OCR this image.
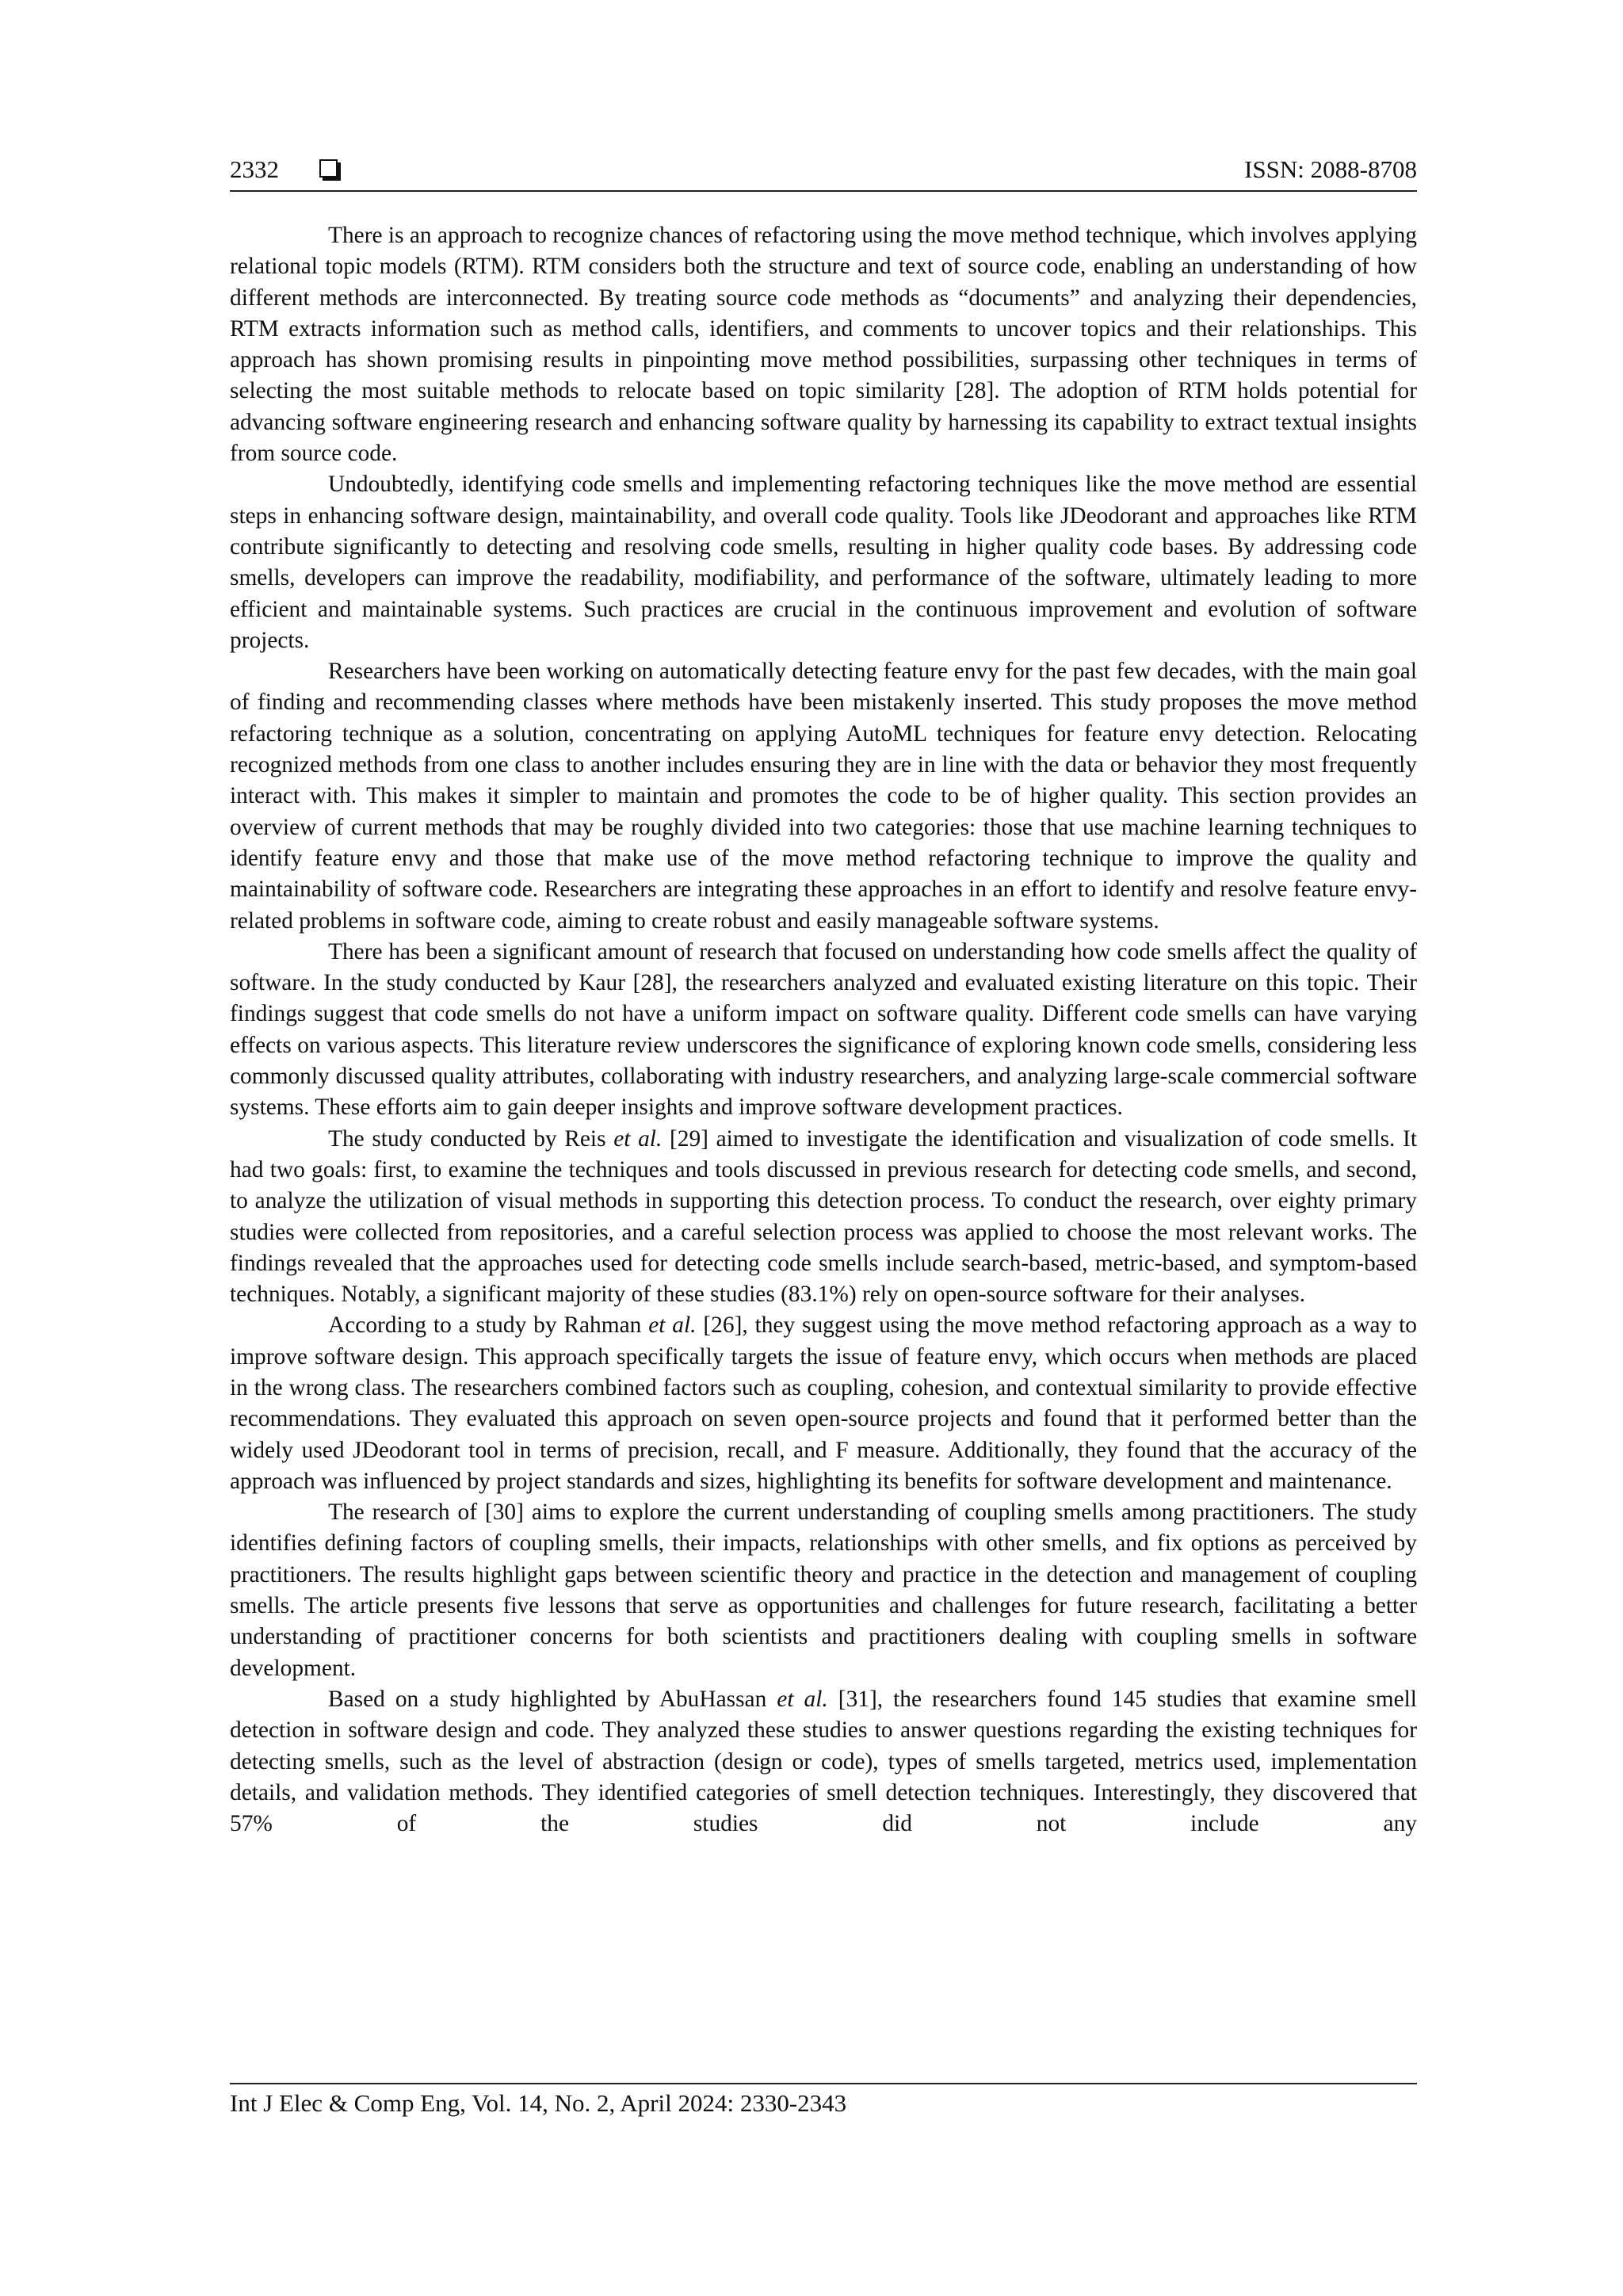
2332	ISSN: 2088-8708

There is an approach to recognize chances of refactoring using the move method technique, which involves applying relational topic models (RTM). RTM considers both the structure and text of source code, enabling an understanding of how different methods are interconnected. By treating source code methods as “documents” and analyzing their dependencies, RTM extracts information such as method calls, identifiers, and comments to uncover topics and their relationships. This approach has shown promising results in pinpointing move method possibilities, surpassing other techniques in terms of selecting the most suitable methods to relocate based on topic similarity [28]. The adoption of RTM holds potential for advancing software engineering research and enhancing software quality by harnessing its capability to extract textual insights from source code.

Undoubtedly, identifying code smells and implementing refactoring techniques like the move method are essential steps in enhancing software design, maintainability, and overall code quality. Tools like JDeodorant and approaches like RTM contribute significantly to detecting and resolving code smells, resulting in higher quality code bases. By addressing code smells, developers can improve the readability, modifiability, and performance of the software, ultimately leading to more efficient and maintainable systems. Such practices are crucial in the continuous improvement and evolution of software projects.

Researchers have been working on automatically detecting feature envy for the past few decades, with the main goal of finding and recommending classes where methods have been mistakenly inserted. This study proposes the move method refactoring technique as a solution, concentrating on applying AutoML techniques for feature envy detection. Relocating recognized methods from one class to another includes ensuring they are in line with the data or behavior they most frequently interact with. This makes it simpler to maintain and promotes the code to be of higher quality. This section provides an overview of current methods that may be roughly divided into two categories: those that use machine learning techniques to identify feature envy and those that make use of the move method refactoring technique to improve the quality and maintainability of software code. Researchers are integrating these approaches in an effort to identify and resolve feature envy-related problems in software code, aiming to create robust and easily manageable software systems.

There has been a significant amount of research that focused on understanding how code smells affect the quality of software. In the study conducted by Kaur [28], the researchers analyzed and evaluated existing literature on this topic. Their findings suggest that code smells do not have a uniform impact on software quality. Different code smells can have varying effects on various aspects. This literature review underscores the significance of exploring known code smells, considering less commonly discussed quality attributes, collaborating with industry researchers, and analyzing large-scale commercial software systems. These efforts aim to gain deeper insights and improve software development practices.

The study conducted by Reis et al. [29] aimed to investigate the identification and visualization of code smells. It had two goals: first, to examine the techniques and tools discussed in previous research for detecting code smells, and second, to analyze the utilization of visual methods in supporting this detection process. To conduct the research, over eighty primary studies were collected from repositories, and a careful selection process was applied to choose the most relevant works. The findings revealed that the approaches used for detecting code smells include search-based, metric-based, and symptom-based techniques. Notably, a significant majority of these studies (83.1%) rely on open-source software for their analyses.

According to a study by Rahman et al. [26], they suggest using the move method refactoring approach as a way to improve software design. This approach specifically targets the issue of feature envy, which occurs when methods are placed in the wrong class. The researchers combined factors such as coupling, cohesion, and contextual similarity to provide effective recommendations. They evaluated this approach on seven open-source projects and found that it performed better than the widely used JDeodorant tool in terms of precision, recall, and F measure. Additionally, they found that the accuracy of the approach was influenced by project standards and sizes, highlighting its benefits for software development and maintenance.

The research of [30] aims to explore the current understanding of coupling smells among practitioners. The study identifies defining factors of coupling smells, their impacts, relationships with other smells, and fix options as perceived by practitioners. The results highlight gaps between scientific theory and practice in the detection and management of coupling smells. The article presents five lessons that serve as opportunities and challenges for future research, facilitating a better understanding of practitioner concerns for both scientists and practitioners dealing with coupling smells in software development.

Based on a study highlighted by AbuHassan et al. [31], the researchers found 145 studies that examine smell detection in software design and code. They analyzed these studies to answer questions regarding the existing techniques for detecting smells, such as the level of abstraction (design or code), types of smells targeted, metrics used, implementation details, and validation methods. They identified categories of smell detection techniques. Interestingly, they discovered that 57% of the studies did not include any

Int J Elec & Comp Eng, Vol. 14, No. 2, April 2024: 2330-2343
